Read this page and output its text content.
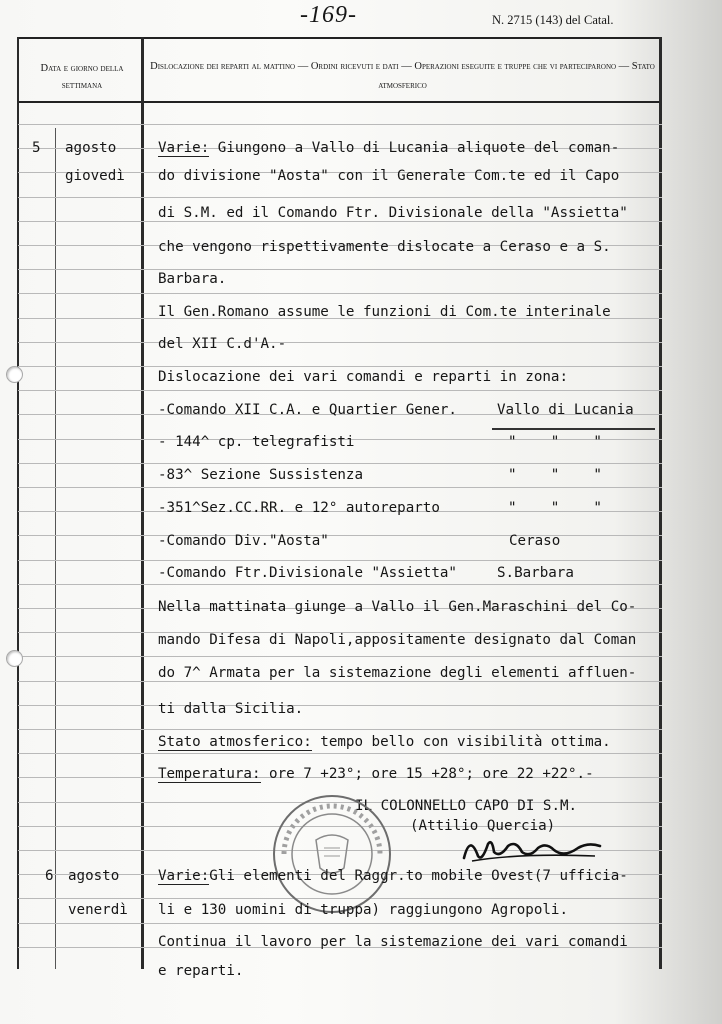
-169-	N. 2715 (143) del Catal.
Data e giorno della settimana
Dislocazione dei reparti al mattino — Ordini ricevuti e dati — Operazioni eseguite e truppe che vi parteciparono — Stato atmosferico
5 agosto
giovedì
Varie: Giungono a Vallo di Lucania aliquote del coman-
do divisione "Aosta" con il Generale Com.te ed il Capo
di S.M. ed il Comando Ftr. Divisionale della "Assietta"
che vengono rispettivamente dislocate a Ceraso e a S.
Barbara.
Il Gen.Romano assume le funzioni di Com.te interinale
del XII C.d'A.-
Dislocazione dei vari comandi e reparti in zona:
-Comando XII C.A. e Quartier Gener.	Vallo di Lucania
- 144^ cp. telegrafisti	"    "    "
-83^ Sezione Sussistenza	"    "    "
-351^Sez.CC.RR. e 12° autoreparto	"    "    "
-Comando Div."Aosta"	Ceraso
-Comando Ftr.Divisionale "Assietta"	S.Barbara
Nella mattinata giunge a Vallo il Gen.Maraschini del Co-
mando Difesa di Napoli,appositamente designato dal Coman
do 7^ Armata per la sistemazione degli elementi affluen-
ti dalla Sicilia.
Stato atmosferico: tempo bello con visibilità ottima.
Temperatura: ore 7 +23°; ore 15 +28°; ore 22 +22°.-
IL COLONNELLO CAPO DI S.M.
(Attilio Quercia)
6 agosto
venerdì
Varie:Gli elementi del Raggr.to mobile Ovest(7 ufficia-
li e 130 uomini di truppa) raggiungono Agropoli.
Continua il lavoro per la sistemazione dei vari comandi
e reparti.
